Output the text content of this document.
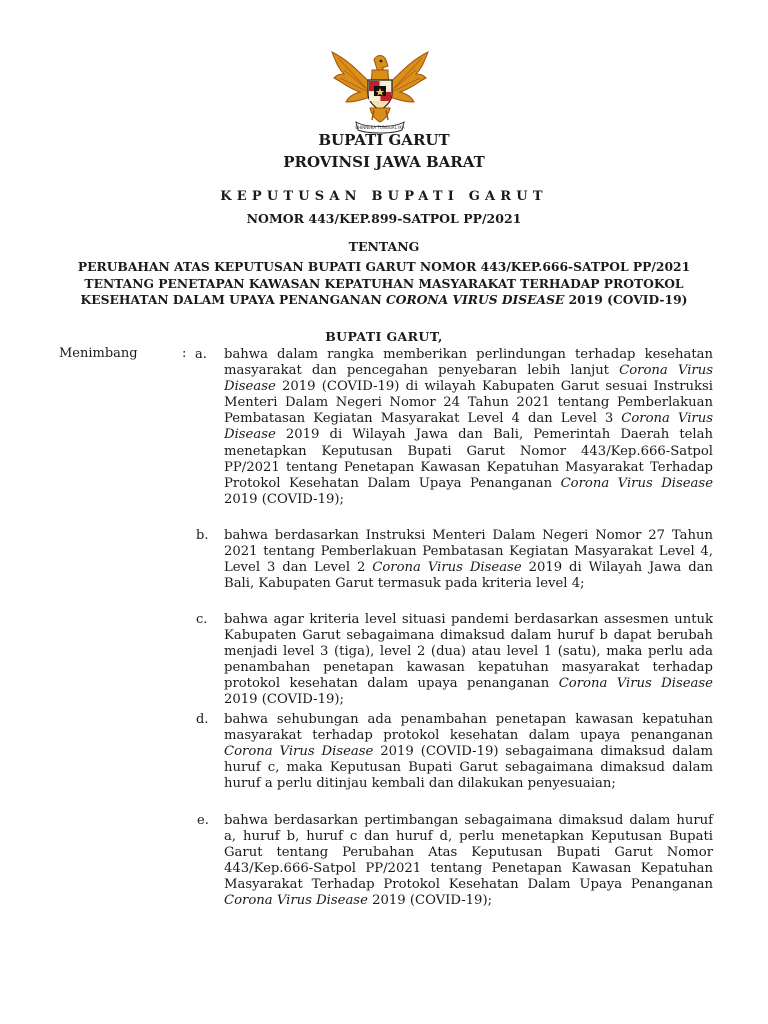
BHINNEKA TUNGGAL IKA
BUPATI GARUT
PROVINSI JAWA BARAT
KEPUTUSAN BUPATI GARUT
NOMOR 443/KEP.899-SATPOL PP/2021
TENTANG
PERUBAHAN ATAS KEPUTUSAN BUPATI GARUT NOMOR 443/KEP.666-SATPOL PP/2021
TENTANG PENETAPAN KAWASAN KEPATUHAN MASYARAKAT TERHADAP PROTOKOL
KESEHATAN DALAM UPAYA PENANGANAN CORONA VIRUS DISEASE 2019 (COVID-19)
BUPATI GARUT,
Menimbang	: a. bahwa dalam rangka memberikan perlindungan terhadap kesehatan masyarakat dan pencegahan penyebaran lebih lanjut Corona Virus Disease 2019 (COVID-19) di wilayah Kabupaten Garut sesuai Instruksi Menteri Dalam Negeri Nomor 24 Tahun 2021 tentang Pemberlakuan Pembatasan Kegiatan Masyarakat Level 4 dan Level 3 Corona Virus Disease 2019 di Wilayah Jawa dan Bali, Pemerintah Daerah telah menetapkan Keputusan Bupati Garut Nomor 443/Kep.666-Satpol PP/2021 tentang Penetapan Kawasan Kepatuhan Masyarakat Terhadap Protokol Kesehatan Dalam Upaya Penanganan Corona Virus Disease 2019 (COVID-19);
b. bahwa berdasarkan Instruksi Menteri Dalam Negeri Nomor 27 Tahun 2021 tentang Pemberlakuan Pembatasan Kegiatan Masyarakat Level 4, Level 3 dan Level 2 Corona Virus Disease 2019 di Wilayah Jawa dan Bali, Kabupaten Garut termasuk pada kriteria level 4;
c. bahwa agar kriteria level situasi pandemi berdasarkan assesmen untuk Kabupaten Garut sebagaimana dimaksud dalam huruf b dapat berubah menjadi level 3 (tiga), level 2 (dua) atau level 1 (satu), maka perlu ada penambahan penetapan kawasan kepatuhan masyarakat terhadap protokol kesehatan dalam upaya penanganan Corona Virus Disease 2019 (COVID-19);
d. bahwa sehubungan ada penambahan penetapan kawasan kepatuhan masyarakat terhadap protokol kesehatan dalam upaya penanganan Corona Virus Disease 2019 (COVID-19) sebagaimana dimaksud dalam huruf c, maka Keputusan Bupati Garut sebagaimana dimaksud dalam huruf a perlu ditinjau kembali dan dilakukan penyesuaian;
e. bahwa berdasarkan pertimbangan sebagaimana dimaksud dalam huruf a, huruf b, huruf c dan huruf d, perlu menetapkan Keputusan Bupati Garut tentang Perubahan Atas Keputusan Bupati Garut Nomor 443/Kep.666-Satpol PP/2021 tentang Penetapan Kawasan Kepatuhan Masyarakat Terhadap Protokol Kesehatan Dalam Upaya Penanganan Corona Virus Disease 2019 (COVID-19);
